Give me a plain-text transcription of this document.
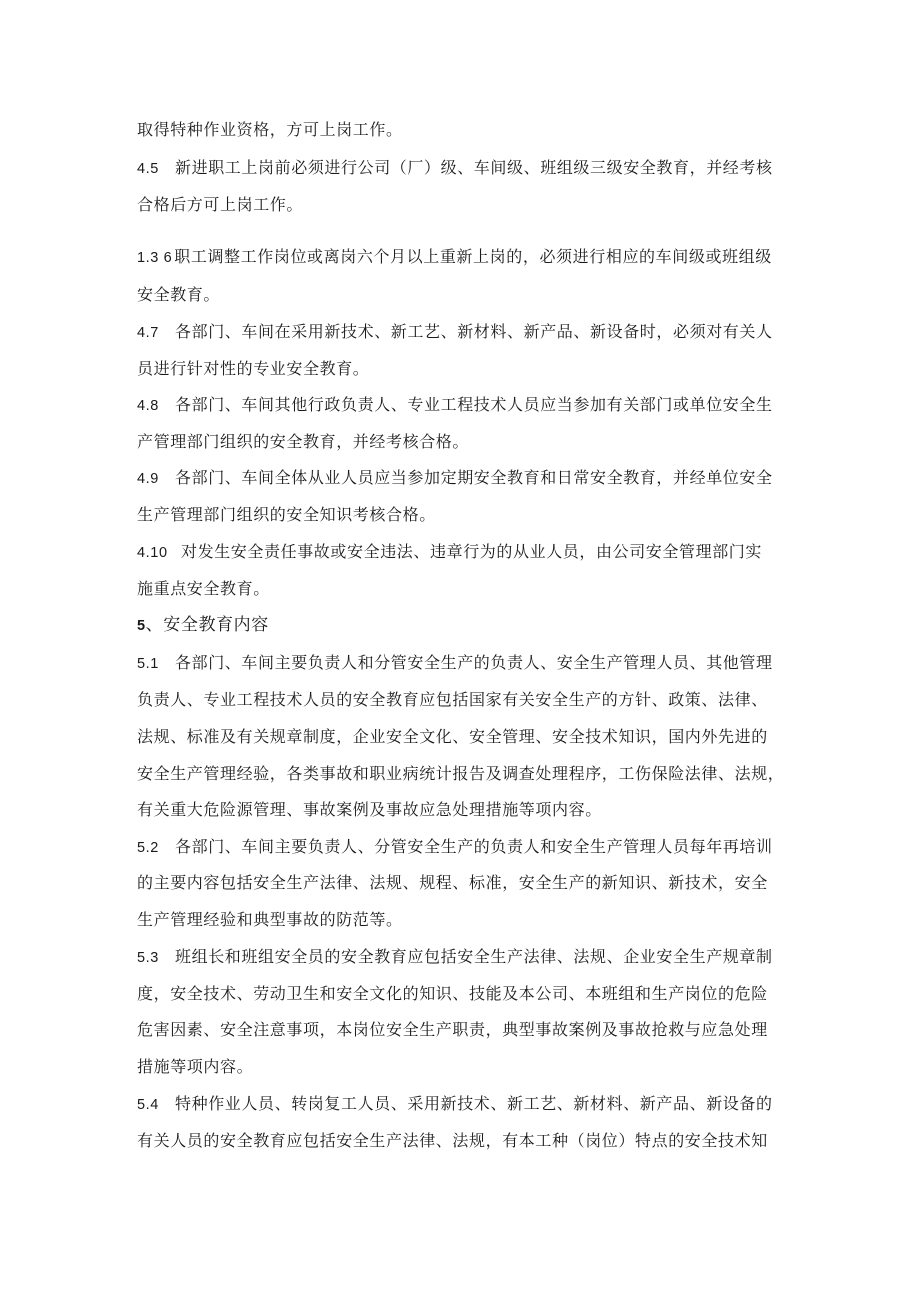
取得特种作业资格，方可上岗工作。
4.5 新进职工上岗前必须进行公司（厂）级、车间级、班组级三级安全教育，并经考核
合格后方可上岗工作。
1.3 6 职工调整工作岗位或离岗六个月以上重新上岗的，必须进行相应的车间级或班组级
安全教育。
4.7 各部门、车间在采用新技术、新工艺、新材料、新产品、新设备时，必须对有关人
员进行针对性的专业安全教育。
4.8 各部门、车间其他行政负责人、专业工程技术人员应当参加有关部门或单位安全生
产管理部门组织的安全教育，并经考核合格。
4.9 各部门、车间全体从业人员应当参加定期安全教育和日常安全教育，并经单位安全
生产管理部门组织的安全知识考核合格。
4.10 对发生安全责任事故或安全违法、违章行为的从业人员，由公司安全管理部门实
施重点安全教育。
5、安全教育内容
5.1 各部门、车间主要负责人和分管安全生产的负责人、安全生产管理人员、其他管理
负责人、专业工程技术人员的安全教育应包括国家有关安全生产的方针、政策、法律、
法规、标准及有关规章制度，企业安全文化、安全管理、安全技术知识，国内外先进的
安全生产管理经验，各类事故和职业病统计报告及调查处理程序，工伤保险法律、法规，
有关重大危险源管理、事故案例及事故应急处理措施等项内容。
5.2 各部门、车间主要负责人、分管安全生产的负责人和安全生产管理人员每年再培训
的主要内容包括安全生产法律、法规、规程、标准，安全生产的新知识、新技术，安全
生产管理经验和典型事故的防范等。
5.3 班组长和班组安全员的安全教育应包括安全生产法律、法规、企业安全生产规章制
度，安全技术、劳动卫生和安全文化的知识、技能及本公司、本班组和生产岗位的危险
危害因素、安全注意事项，本岗位安全生产职责，典型事故案例及事故抢救与应急处理
措施等项内容。
5.4 特种作业人员、转岗复工人员、采用新技术、新工艺、新材料、新产品、新设备的
有关人员的安全教育应包括安全生产法律、法规，有本工种（岗位）特点的安全技术知
